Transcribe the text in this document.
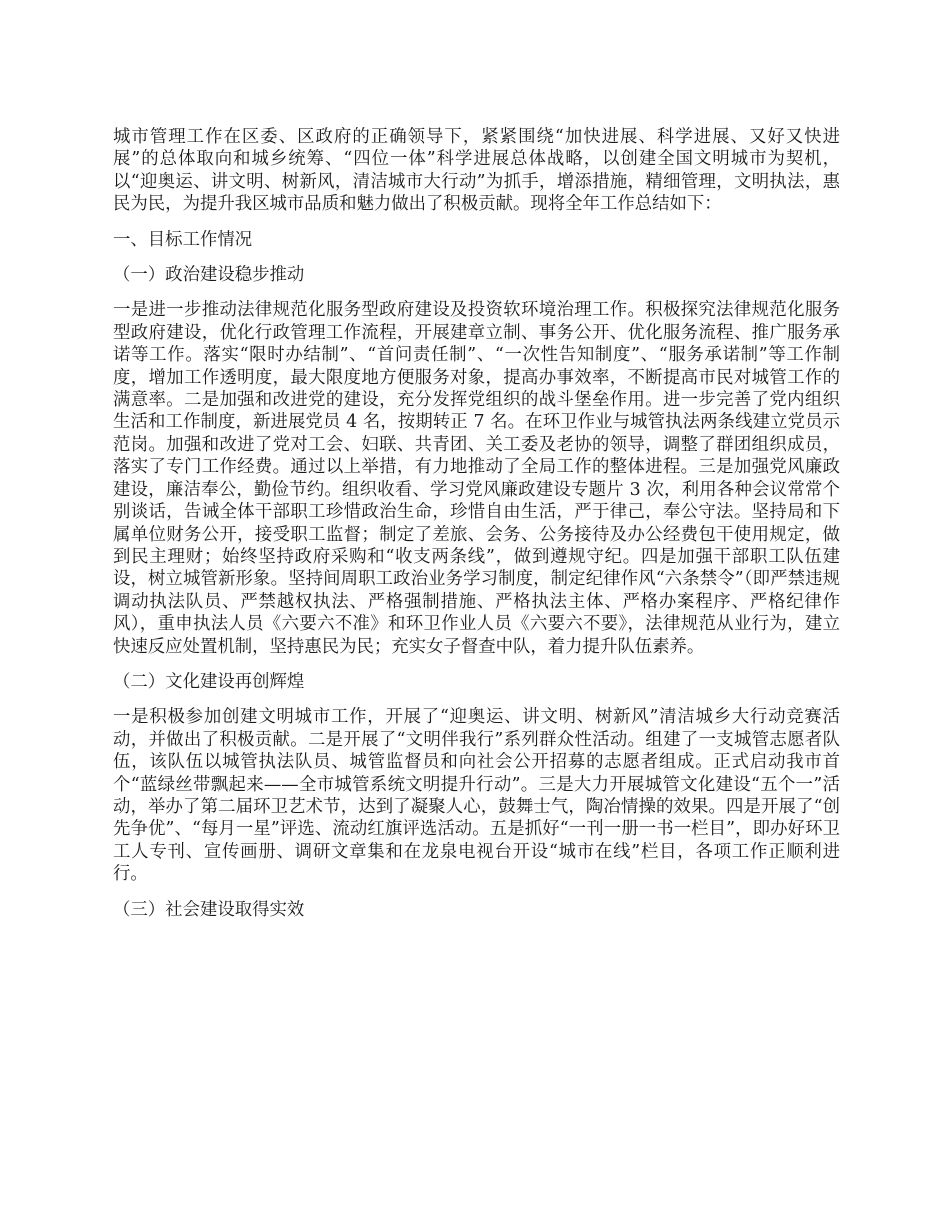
城市管理工作在区委、区政府的正确领导下，紧紧围绕“加快进展、科学进展、又好又快进展”的总体取向和城乡统筹、“四位一体”科学进展总体战略，以创建全国文明城市为契机，以“迎奥运、讲文明、树新风，清洁城市大行动”为抓手，增添措施，精细管理，文明执法，惠民为民，为提升我区城市品质和魅力做出了积极贡献。现将全年工作总结如下：

一、目标工作情况

（一）政治建设稳步推动

一是进一步推动法律规范化服务型政府建设及投资软环境治理工作。积极探究法律规范化服务型政府建设，优化行政管理工作流程，开展建章立制、事务公开、优化服务流程、推广服务承诺等工作。落实“限时办结制”、“首问责任制”、“一次性告知制度”、“服务承诺制”等工作制度，增加工作透明度，最大限度地方便服务对象，提高办事效率，不断提高市民对城管工作的满意率。二是加强和改进党的建设，充分发挥党组织的战斗堡垒作用。进一步完善了党内组织生活和工作制度，新进展党员 4 名，按期转正 7 名。在环卫作业与城管执法两条线建立党员示范岗。加强和改进了党对工会、妇联、共青团、关工委及老协的领导，调整了群团组织成员，落实了专门工作经费。通过以上举措，有力地推动了全局工作的整体进程。三是加强党风廉政建设，廉洁奉公，勤俭节约。组织收看、学习党风廉政建设专题片 3 次，利用各种会议常常个别谈话，告诫全体干部职工珍惜政治生命，珍惜自由生活，严于律己，奉公守法。坚持局和下属单位财务公开，接受职工监督；制定了差旅、会务、公务接待及办公经费包干使用规定，做到民主理财；始终坚持政府采购和“收支两条线”，做到遵规守纪。四是加强干部职工队伍建设，树立城管新形象。坚持间周职工政治业务学习制度，制定纪律作风“六条禁令”（即严禁违规调动执法队员、严禁越权执法、严格强制措施、严格执法主体、严格办案程序、严格纪律作风），重申执法人员《六要六不准》和环卫作业人员《六要六不要》，法律规范从业行为，建立快速反应处置机制，坚持惠民为民；充实女子督查中队，着力提升队伍素养。

（二）文化建设再创辉煌

一是积极参加创建文明城市工作，开展了“迎奥运、讲文明、树新风”清洁城乡大行动竞赛活动，并做出了积极贡献。二是开展了“文明伴我行”系列群众性活动。组建了一支城管志愿者队伍，该队伍以城管执法队员、城管监督员和向社会公开招募的志愿者组成。正式启动我市首个“蓝绿丝带飘起来——全市城管系统文明提升行动”。三是大力开展城管文化建设“五个一”活动，举办了第二届环卫艺术节，达到了凝聚人心，鼓舞士气，陶冶情操的效果。四是开展了“创先争优”、“每月一星”评选、流动红旗评选活动。五是抓好“一刊一册一书一栏目”，即办好环卫工人专刊、宣传画册、调研文章集和在龙泉电视台开设“城市在线”栏目，各项工作正顺利进行。

（三）社会建设取得实效
